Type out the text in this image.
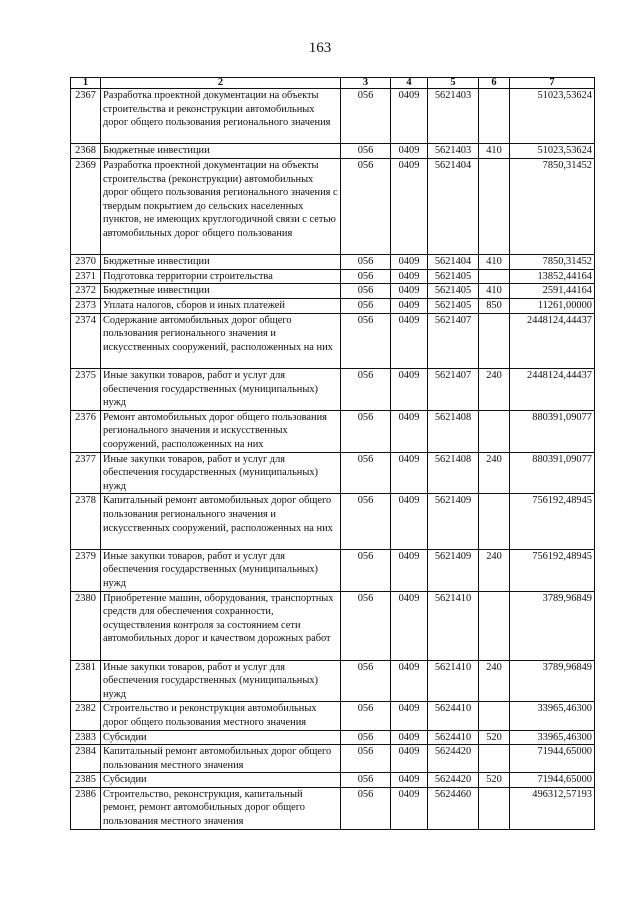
163
1	2	3	4	5	6	7
2367	Разработка проектной документации на объекты строительства и реконструкции автомобильных дорог общего пользования регионального значения	056	0409	5621403		51023,53624
2368	Бюджетные инвестиции	056	0409	5621403	410	51023,53624
2369	Разработка проектной документации на объекты строительства (реконструкции) автомобильных дорог общего пользования регионального значения с твердым покрытием до сельских населенных пунктов, не имеющих круглогодичной связи с сетью автомобильных дорог общего пользования	056	0409	5621404		7850,31452
2370	Бюджетные инвестиции	056	0409	5621404	410	7850,31452
2371	Подготовка территории строительства	056	0409	5621405		13852,44164
2372	Бюджетные инвестиции	056	0409	5621405	410	2591,44164
2373	Уплата налогов, сборов и иных платежей	056	0409	5621405	850	11261,00000
2374	Содержание автомобильных дорог общего пользования регионального значения и искусственных сооружений, расположенных на них	056	0409	5621407		2448124,44437
2375	Иные закупки товаров, работ и услуг для обеспечения государственных (муниципальных) нужд	056	0409	5621407	240	2448124,44437
2376	Ремонт автомобильных дорог общего пользования регионального значения и искусственных сооружений, расположенных на них	056	0409	5621408		880391,09077
2377	Иные закупки товаров, работ и услуг для обеспечения государственных (муниципальных) нужд	056	0409	5621408	240	880391,09077
2378	Капитальный ремонт автомобильных дорог общего пользования регионального значения и искусственных сооружений, расположенных на них	056	0409	5621409		756192,48945
2379	Иные закупки товаров, работ и услуг для обеспечения государственных (муниципальных) нужд	056	0409	5621409	240	756192,48945
2380	Приобретение машин, оборудования, транспортных средств для обеспечения сохранности, осуществления контроля за состоянием сети автомобильных дорог и качеством дорожных работ	056	0409	5621410		3789,96849
2381	Иные закупки товаров, работ и услуг для обеспечения государственных (муниципальных) нужд	056	0409	5621410	240	3789,96849
2382	Строительство и реконструкция автомобильных дорог общего пользования местного значения	056	0409	5624410		33965,46300
2383	Субсидии	056	0409	5624410	520	33965,46300
2384	Капитальный ремонт автомобильных дорог общего пользования местного значения	056	0409	5624420		71944,65000
2385	Субсидии	056	0409	5624420	520	71944,65000
2386	Строительство, реконструкция, капитальный ремонт, ремонт автомобильных дорог общего пользования местного значения	056	0409	5624460		496312,57193
